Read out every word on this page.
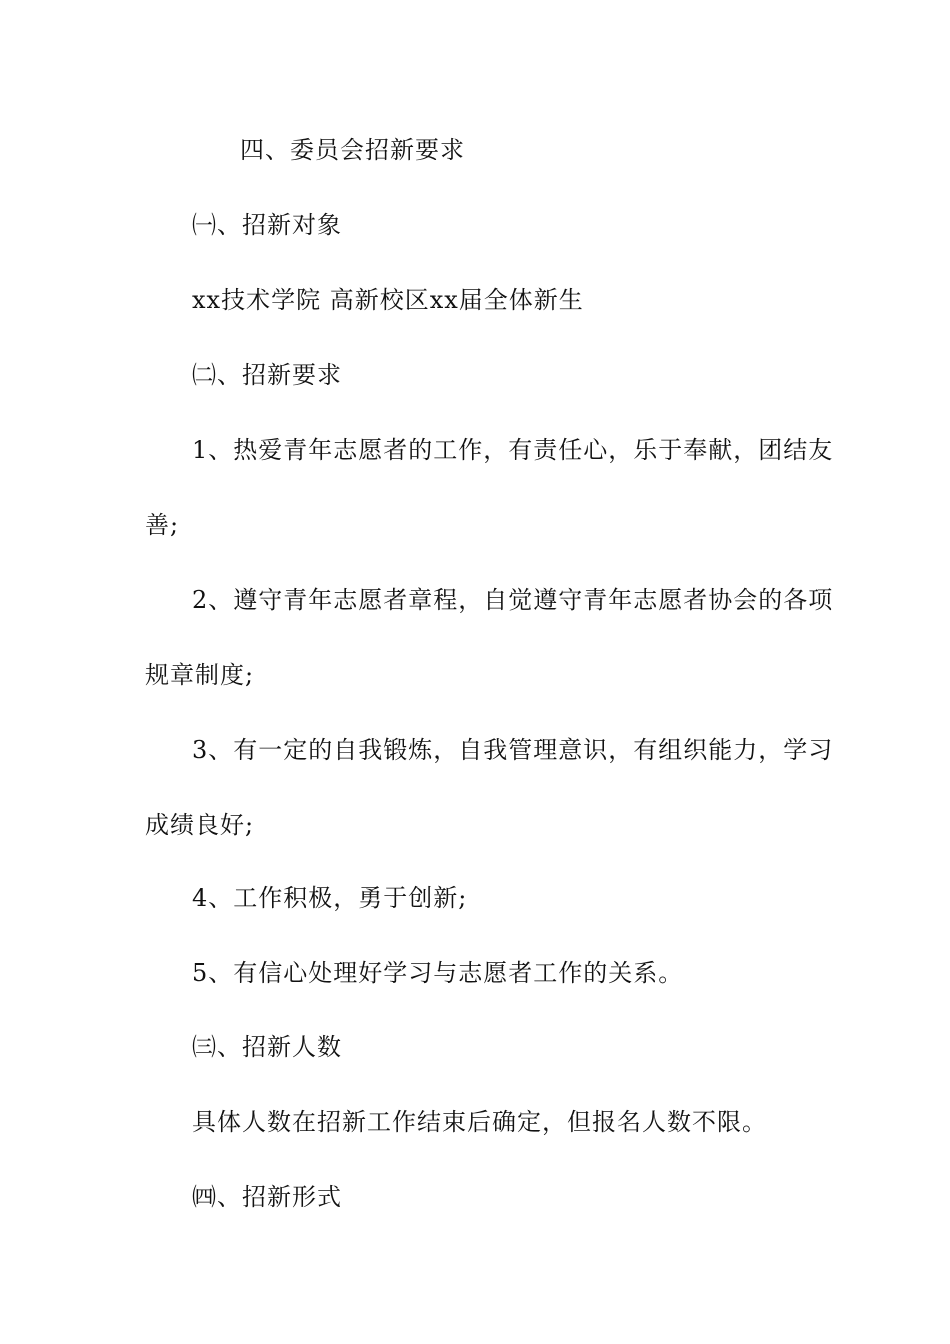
四、委员会招新要求
㈠、招新对象
xx技术学院 高新校区xx届全体新生
㈡、招新要求
1、热爱青年志愿者的工作，有责任心，乐于奉献，团结友
善;
2、遵守青年志愿者章程，自觉遵守青年志愿者协会的各项
规章制度;
3、有一定的自我锻炼，自我管理意识，有组织能力，学习
成绩良好;
4、工作积极，勇于创新;
5、有信心处理好学习与志愿者工作的关系。
㈢、招新人数
具体人数在招新工作结束后确定，但报名人数不限。
㈣、招新形式
